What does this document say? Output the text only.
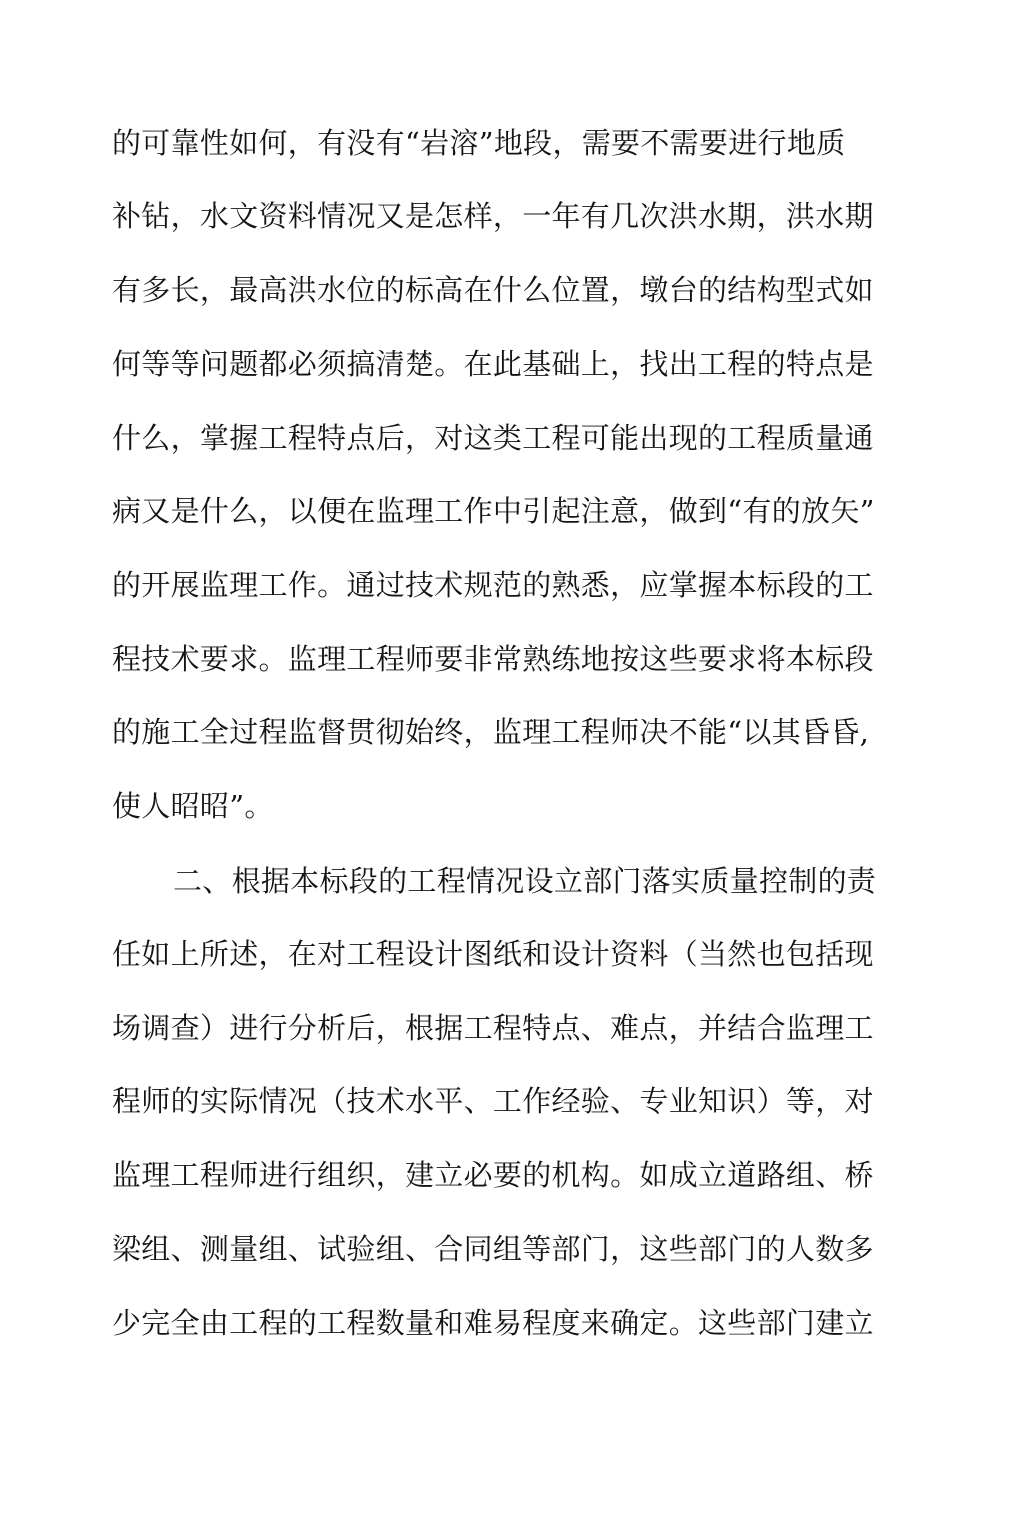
的可靠性如何，有没有“岩溶”地段，需要不需要进行地质
补钻，水文资料情况又是怎样，一年有几次洪水期，洪水期
有多长，最高洪水位的标高在什么位置，墩台的结构型式如
何等等问题都必须搞清楚。在此基础上，找出工程的特点是
什么，掌握工程特点后，对这类工程可能出现的工程质量通
病又是什么，以便在监理工作中引起注意，做到“有的放矢”
的开展监理工作。通过技术规范的熟悉，应掌握本标段的工
程技术要求。监理工程师要非常熟练地按这些要求将本标段
的施工全过程监督贯彻始终，监理工程师决不能“以其昏昏,
使人昭昭”。
二、根据本标段的工程情况设立部门落实质量控制的责
任如上所述，在对工程设计图纸和设计资料（当然也包括现
场调查）进行分析后，根据工程特点、难点，并结合监理工
程师的实际情况（技术水平、工作经验、专业知识）等，对
监理工程师进行组织，建立必要的机构。如成立道路组、桥
梁组、测量组、试验组、合同组等部门，这些部门的人数多
少完全由工程的工程数量和难易程度来确定。这些部门建立
